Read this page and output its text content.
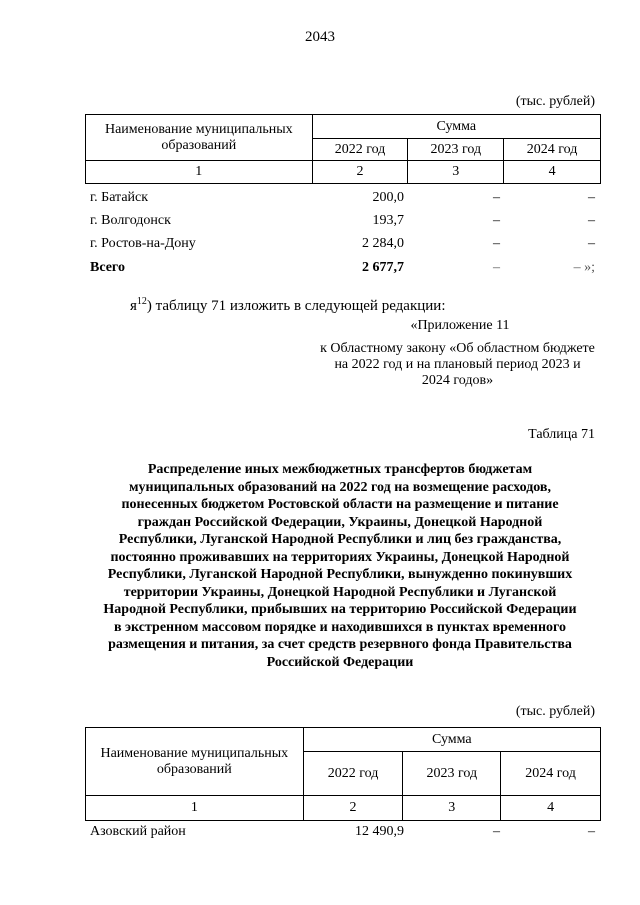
2043
(тыс. рублей)
Наименование муниципальных образований	Сумма		
	2022 год	2023 год	2024 год
1	2	3	4
г. Батайск	200,0	–	–
г. Волгодонск	193,7	–	–
г. Ростов-на-Дону	2 284,0	–	–
Всего	2 677,7	–	– »;
$я^{12}$) таблицу 71 изложить в следующей редакции:
«Приложение 11
к Областному закону «Об областном бюджете на 2022 год и на плановый период 2023 и 2024 годов»
Таблица 71
Распределение иных межбюджетных трансфертов бюджетам муниципальных образований на 2022 год на возмещение расходов, понесенных бюджетом Ростовской области на размещение и питание граждан Российской Федерации, Украины, Донецкой Народной Республики, Луганской Народной Республики и лиц без гражданства, постоянно проживавших на территориях Украины, Донецкой Народной Республики, Луганской Народной Республики, вынужденно покинувших территории Украины, Донецкой Народной Республики и Луганской Народной Республики, прибывших на территорию Российской Федерации в экстренном массовом порядке и находившихся в пунктах временного размещения и питания, за счет средств резервного фонда Правительства Российской Федерации
(тыс. рублей)
Наименование муниципальных образований	Сумма		
	2022 год	2023 год	2024 год
1	2	3	4
Азовский район	12 490,9	–	–
